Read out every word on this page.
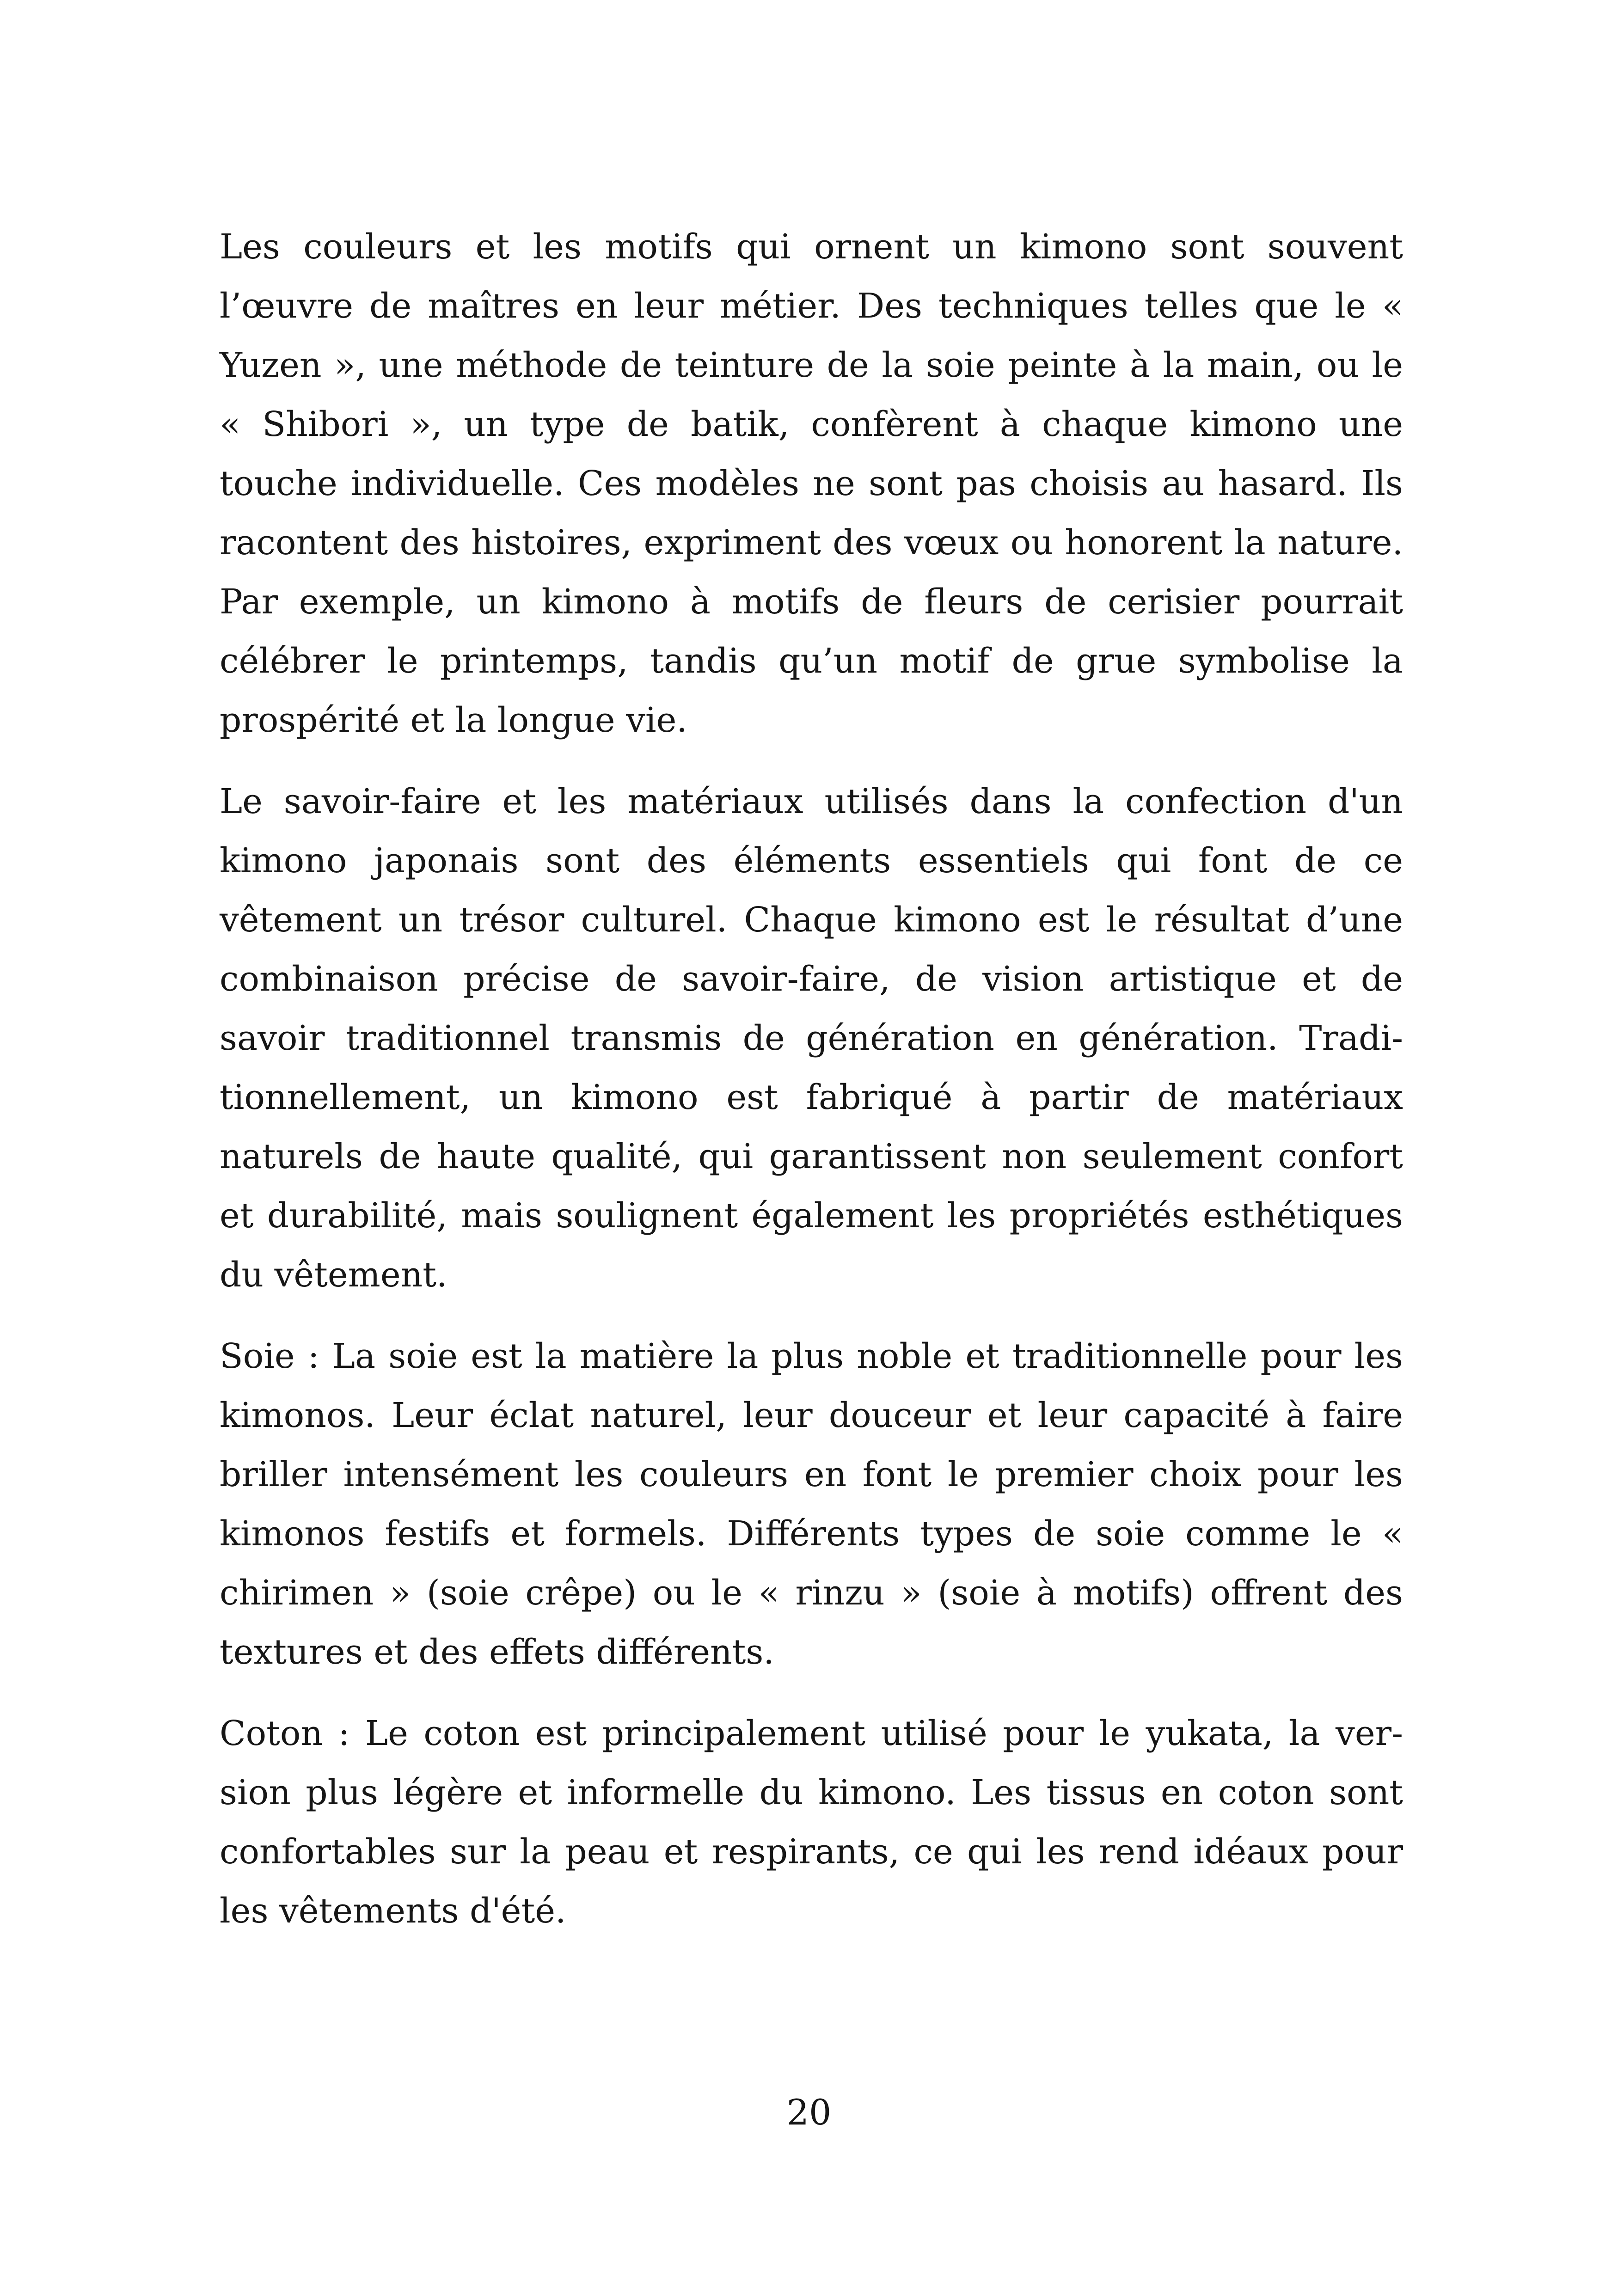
Les couleurs et les motifs qui ornent un kimono sont souvent l’œuvre de maîtres en leur métier. Des techniques telles que le « Yuzen », une méthode de teinture de la soie peinte à la main, ou le « Shibori », un type de batik, confèrent à chaque kimono une touche individuelle. Ces modèles ne sont pas choisis au hasard. Ils racontent des histoires, expriment des vœux ou honorent la nature. Par exemple, un kimono à motifs de fleurs de cerisier pourrait célébrer le printemps, tandis qu’un motif de grue symbolise la prospérité et la longue vie.

Le savoir-faire et les matériaux utilisés dans la confection d'un kimono japonais sont des éléments essentiels qui font de ce vêtement un trésor culturel. Chaque kimono est le résultat d’une combinaison précise de savoir-faire, de vision artistique et de savoir traditionnel transmis de génération en génération. Traditionnellement, un kimono est fabriqué à partir de matériaux naturels de haute qualité, qui garantissent non seulement confort et durabilité, mais soulignent également les propriétés esthétiques du vêtement.

Soie : La soie est la matière la plus noble et traditionnelle pour les kimonos. Leur éclat naturel, leur douceur et leur capacité à faire briller intensément les couleurs en font le premier choix pour les kimonos festifs et formels. Différents types de soie comme le « chirimen » (soie crêpe) ou le « rinzu » (soie à motifs) offrent des textures et des effets différents.

Coton : Le coton est principalement utilisé pour le yukata, la version plus légère et informelle du kimono. Les tissus en coton sont confortables sur la peau et respirants, ce qui les rend idéaux pour les vêtements d'été.

20
